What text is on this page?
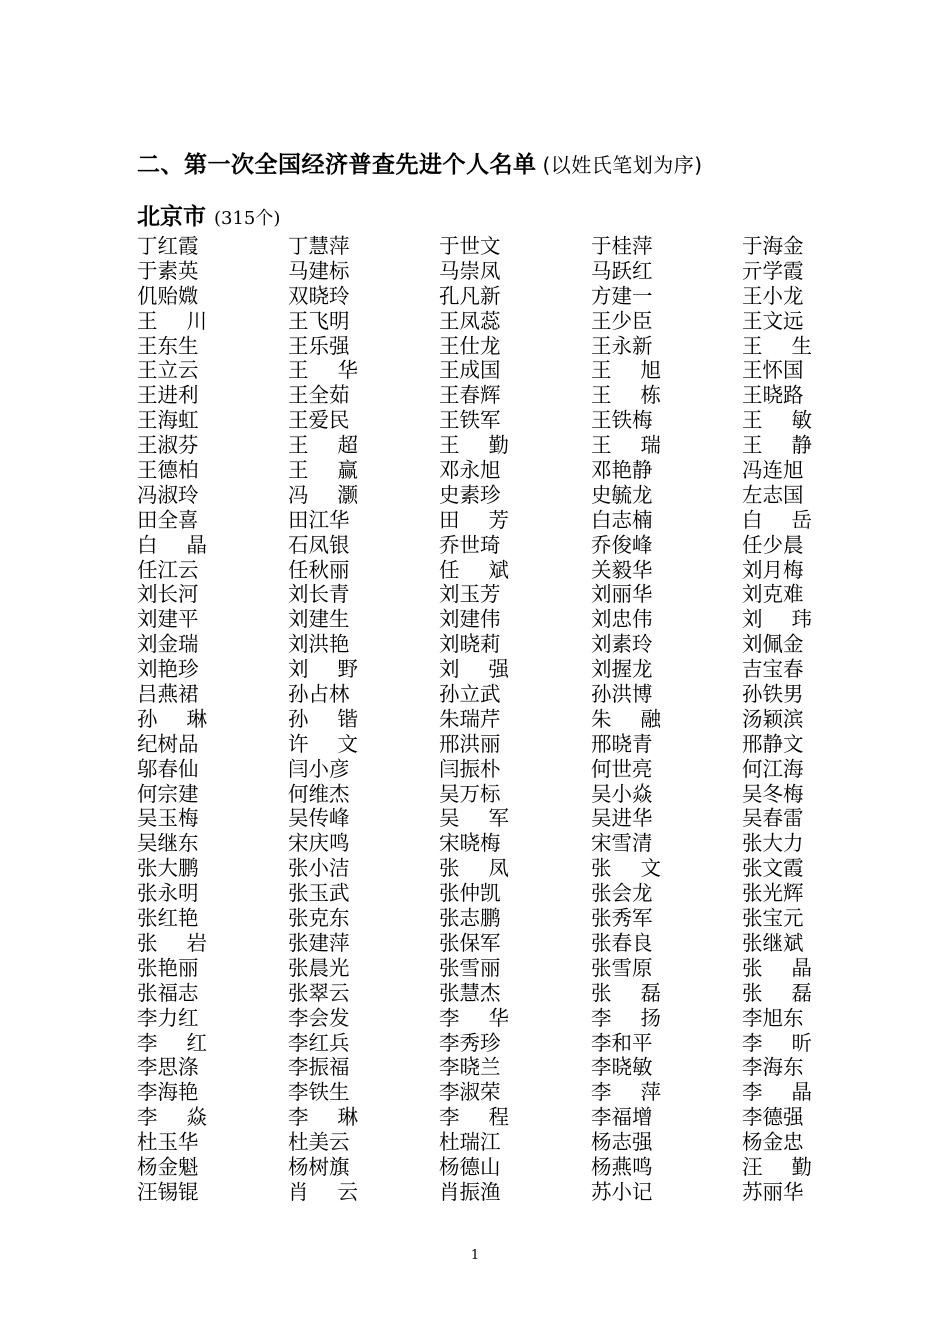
二、第一次全国经济普查先进个人名单 (以姓氏笔划为序)
北京市 (315个)
丁红霞	丁慧萍	于世文	于桂萍	于海金
于素英	马建标	马崇凤	马跃红	亓学霞
仉贻媺	双晓玲	孔凡新	方建一	王小龙
王 川	王飞明	王凤蕊	王少臣	王文远
王东生	王乐强	王仕龙	王永新	王 生
王立云	王 华	王成国	王 旭	王怀国
王进利	王全茹	王春辉	王 栋	王晓路
王海虹	王爱民	王铁军	王铁梅	王 敏
王淑芬	王 超	王 勤	王 瑞	王 静
王德柏	王 赢	邓永旭	邓艳静	冯连旭
冯淑玲	冯 灏	史素珍	史毓龙	左志国
田全喜	田江华	田 芳	白志楠	白 岳
白 晶	石凤银	乔世琦	乔俊峰	任少晨
任江云	任秋丽	任 斌	关毅华	刘月梅
刘长河	刘长青	刘玉芳	刘丽华	刘克难
刘建平	刘建生	刘建伟	刘忠伟	刘 玮
刘金瑞	刘洪艳	刘晓莉	刘素玲	刘佩金
刘艳珍	刘 野	刘 强	刘握龙	吉宝春
吕燕裙	孙占林	孙立武	孙洪博	孙铁男
孙 琳	孙 锴	朱瑞芹	朱 融	汤颖滨
纪树品	许 文	邢洪丽	邢晓青	邢静文
邬春仙	闫小彦	闫振朴	何世亮	何江海
何宗建	何维杰	吴万标	吴小焱	吴冬梅
吴玉梅	吴传峰	吴 军	吴进华	吴春雷
吴继东	宋庆鸣	宋晓梅	宋雪清	张大力
张大鹏	张小洁	张 凤	张 文	张文霞
张永明	张玉武	张仲凯	张会龙	张光辉
张红艳	张克东	张志鹏	张秀军	张宝元
张 岩	张建萍	张保军	张春良	张继斌
张艳丽	张晨光	张雪丽	张雪原	张 晶
张福志	张翠云	张慧杰	张 磊	张 磊
李力红	李会发	李 华	李 扬	李旭东
李 红	李红兵	李秀珍	李和平	李 昕
李思涤	李振福	李晓兰	李晓敏	李海东
李海艳	李铁生	李淑荣	李 萍	李 晶
李 焱	李 琳	李 程	李福增	李德强
杜玉华	杜美云	杜瑞江	杨志强	杨金忠
杨金魁	杨树旗	杨德山	杨燕鸣	汪 勤
汪锡锟	肖 云	肖振渔	苏小记	苏丽华
1
